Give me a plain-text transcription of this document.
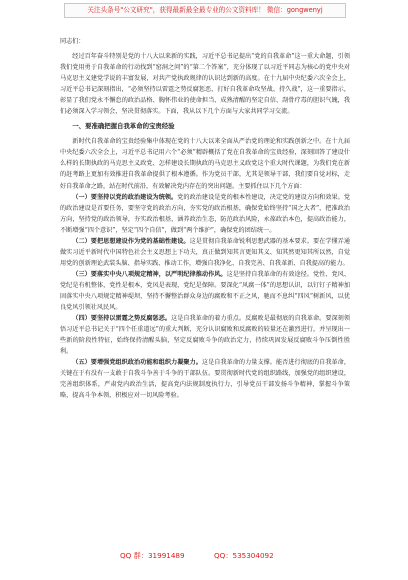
关注头条号"公文研究"，获得最新最全最专业的公文资料库！ 微信：gongwenyj

同志们：

经过百年奋斗特别是党的十八大以来新的实践，习近平总书记提出“党的自我革命”这一重大命题，引领我们党用勇于自我革命的行动找到“窑洞之问”的“第二个答案”，充分体现了以习近平同志为核心的党中央对马克思主义建党学说的丰富发展，对共产党执政规律的认识达到新的高度。在十九届中央纪委六次全会上，习近平总书记深刻指出，“必须坚持以雷霆之势反腐惩恶，打好自我革命攻坚战、持久战”，这一重要指示，彰显了我们党永不懈怠的政治品格、胸怀伟业的使命担当、成熟清醒的坚定自信、刮骨疗毒的胆识气魄，我们必须深入学习领会，坚决贯彻落实。下面，我从以下几个方面与大家共同学习交流。

一、要准确把握自我革命的宝贵经验

新时代自我革命的宝贵经验集中体现在党的十八大以来全面从严治党的理论和实践创新之中。在十九届中央纪委六次全会上，习近平总书记用六个“必须”精辟概括了党在自我革命的宝贵经验，深刻回答了建设什么样的长期执政的马克思主义政党、怎样建设长期执政的马克思主义政党这个重大时代课题，为我们党在新的赶考路上更加有效推进自我革命提供了根本遵循。作为党员干部，尤其是领导干部，我们要自觉对标，走好自我革命之路，站在时代前沿，有效解决党内存在的突出问题。主要抓住以下几个方面：

（一）要坚持以党的政治建设为统领。党的政治建设是党的根本性建设，决定党的建设方向和效果。党的政治建设是首要任务，要坚守党的政治方向，夯实党的政治根基，确保党始终坚持“国之大者”，把准政治方向，坚持党的政治领导，夯实政治根基，涵养政治生态，防范政治风险，永葆政治本色，提高政治能力，不断增强“四个意识”，坚定“四个自信”，做到“两个维护”，确保党的团结统一。

（二）要把思想建设作为党的基础性建设。这是贯彻自我革命锐利思想武器的基本要求。要在学懂弄通做实习近平新时代中国特色社会主义思想上下功夫，真正做到知其言更知其义、知其然更知其所以然，自觉用党的创新理论武装头脑、指导实践、推动工作，增强自我净化、自我完善、自我革新、自我提高的能力。

（三）要落实中央八项规定精神，以严明纪律推动作风。这是坚持自我革命的有效途径。党性、党风、党纪是有机整体，党性是根本，党风是表现，党纪是保障。要深化“风腐一体”的思想认识，以钉钉子精神加固落实中央八项规定精神堤坝，坚持不懈整治群众身边的腐败和不正之风，驰而不息纠“四风”树新风，以优良党风引领社风民风。

（四）要坚持以雷霆之势反腐惩恶。这是自我革命的着力重点。反腐败是最彻底的自我革命。要深刻领悟习近平总书记关于“四个任重道远”的重大判断，充分认识腐败和反腐败的较量还在激烈进行，并呈现出一些新的阶段性特征，始终保持清醒头脑，坚定反腐败斗争的政治定力，持续巩固发展反腐败斗争压倒性胜利。

（五）要增强党组织政治功能和组织力凝聚力。这是自我革命的力量支撑。能否进行彻底的自我革命，关键在于有没有一支敢于自我斗争善于斗争的干部队伍。要贯彻新时代党的组织路线，加强党的组织建设，完善组织体系，严肃党内政治生活，提高党内法规制度执行力，引导党员干部发扬斗争精神，掌握斗争策略，提高斗争本领，积极应对一切风险考验。

QQ 群：31991489	QQ：535304092
